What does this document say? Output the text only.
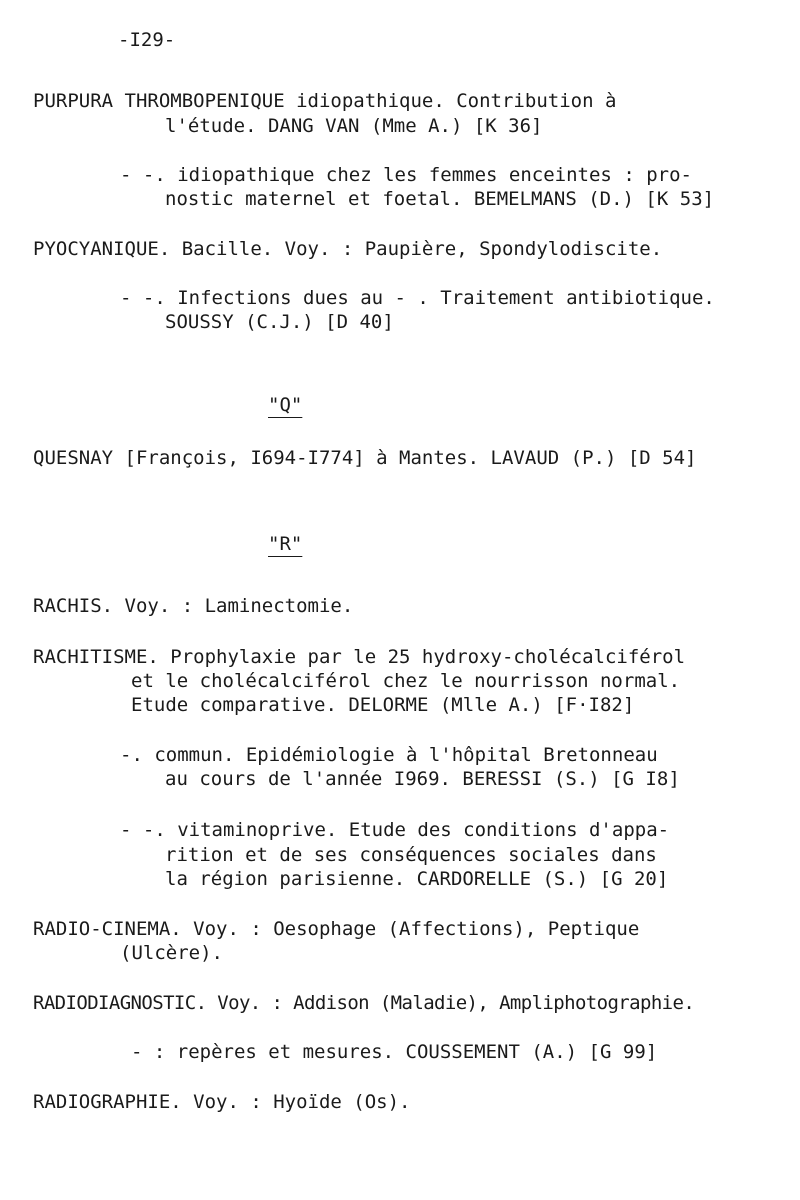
-I29-
PURPURA THROMBOPENIQUE idiopathique. Contribution à
l'étude. DANG VAN (Mme A.) [K 36]
- -. idiopathique chez les femmes enceintes : pro-
nostic maternel et foetal. BEMELMANS (D.) [K 53]
PYOCYANIQUE. Bacille. Voy. : Paupière, Spondylodiscite.
- -. Infections dues au - . Traitement antibiotique.
SOUSSY (C.J.) [D 40]
"Q"
QUESNAY [François, I694-I774] à Mantes. LAVAUD (P.) [D 54]
"R"
RACHIS. Voy. : Laminectomie.
RACHITISME. Prophylaxie par le 25 hydroxy-cholécalciférol
et le cholécalciférol chez le nourrisson normal.
Etude comparative. DELORME (Mlle A.) [F·I82]
-. commun. Epidémiologie à l'hôpital Bretonneau
au cours de l'année I969. BERESSI (S.) [G I8]
- -. vitaminoprive. Etude des conditions d'appa-
rition et de ses conséquences sociales dans
la région parisienne. CARDORELLE (S.) [G 20]
RADIO-CINEMA. Voy. : Oesophage (Affections), Peptique
(Ulcère).
RADIODIAGNOSTIC. Voy. : Addison (Maladie), Ampliphotographie.
- : repères et mesures. COUSSEMENT (A.) [G 99]
RADIOGRAPHIE. Voy. : Hyoïde (Os).
